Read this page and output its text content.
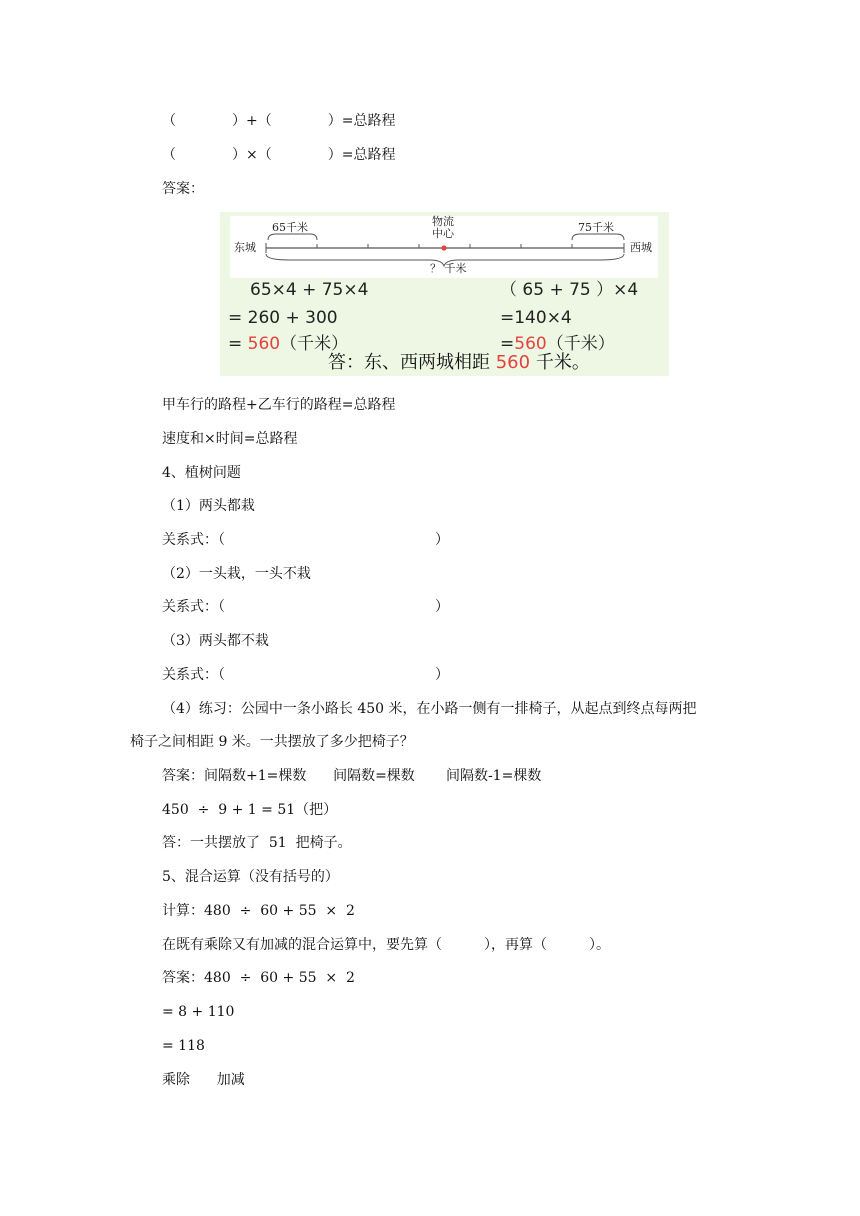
（　　　　）+（　　　　）=总路程
（　　　　）×（　　　　）=总路程
答案：
东城	西城
65千米	75千米
物流
中心
？ 千米
65×4 + 75×4
= 260 + 300
= 560（千米）
（ 65 + 75 ）×4
=140×4
=560（千米）
答：东、西两城相距 560 千米。
甲车行的路程+乙车行的路程=总路程
速度和×时间=总路程
4、植树问题
（1）两头都栽
关系式：（　　　　　　　　　　　　　　　）
（2）一头栽，一头不栽
关系式：（　　　　　　　　　　　　　　　）
（3）两头都不栽
关系式：（　　　　　　　　　　　　　　　）
（4）练习：公园中一条小路长 450 米，在小路一侧有一排椅子，从起点到终点每两把
椅子之间相距 9 米。一共摆放了多少把椅子？
答案：间隔数+1=棵数      间隔数=棵数       间隔数-1=棵数
450  ÷  9 + 1 = 51（把）
答：一共摆放了  51  把椅子。
5、混合运算（没有括号的）
计算：480  ÷  60 + 55  ×  2
在既有乘除又有加减的混合运算中，要先算（　　　），再算（　　　）。
答案：480  ÷  60 + 55  ×  2
= 8 + 110
= 118
乘除      加减
